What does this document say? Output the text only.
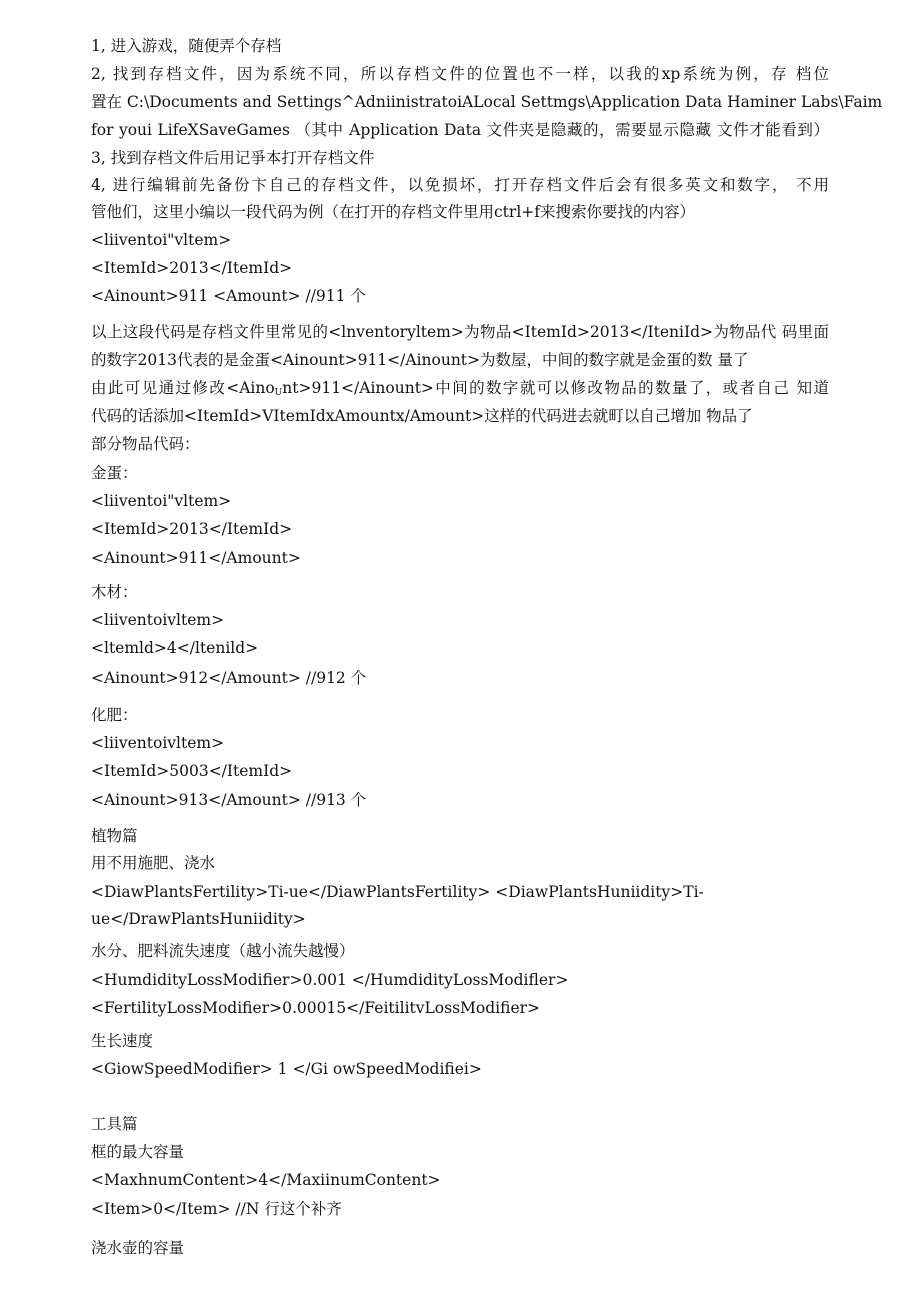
1, 进入游戏，随便弄个存档
2, 找到存档文件，因为系统不同，所以存档文件的位置也不一样，以我的xp系统为例，存 档位
置在 C:\Documents and Settings^AdniinistratoiALocal Settmgs\Application Data Haminer Labs\Faim
for youi LifeXSaveGames （其中 Application Data 文件夹是隐藏的，需要显示隐藏 文件才能看到）
3, 找到存档文件后用记爭本打开存档文件
4, 进行编辑前先备份卞自己的存档文件，以免损坏，打开存档文件后会有很多英文和数字， 不用
管他们，这里小编以一段代码为例（在打开的存档文件里用ctrl+f来搜索你要找的内容）
<liiventoi"vltem>
<ItemId>2013</ItemId>
<Ainount>911 <Amount> //911 个
以上这段代码是存档文件里常见的<lnventoryltem>为物品<ItemId>2013</IteniId>为物品代 码里面
的数字2013代表的是金蛋<Ainount>911</Ainount>为数屋，中间的数字就是金蛋的数 量了
由此可见通过修改<Aino$_U$nt>911</Ainount>中间的数字就可以修改物品的数量了，或者自己 知道
代码的话添加<ItemId>VItemIdxAmountx/Amount>这样的代码进去就町以自己增加 物品了
部分物品代码：
金蛋：
<liiventoi"vltem>
<ItemId>2013</ItemId>
<Ainount>911</Amount>
木材：
<liiventoivltem>
<ltemld>4</ltenild>
<Ainount>912</Amount> //912 个
化肥：
<liiventoivltem>
<ItemId>5003</ItemId>
<Ainount>913</Amount> //913 个
植物篇
用不用施肥、浇水
<DiawPlantsFertility>Ti-ue</DiawPlantsFertility> <DiawPlantsHuniidity>Ti-
ue</DrawPlantsHuniidity>
水分、肥料流失速度（越小流失越慢）
<HumdidityLossModifier>0.001 </HumdidityLossModifler>
<FertilityLossModifier>0.00015</FeitilitvLossModifier>
生长速度
<GiowSpeedModifier> 1 </Gi owSpeedModifiei>
工具篇
框的最大容量
<MaxhnumContent>4</MaxiinumContent>
<Item>0</Item> //N 行这个补齐
浇水壶的容量
